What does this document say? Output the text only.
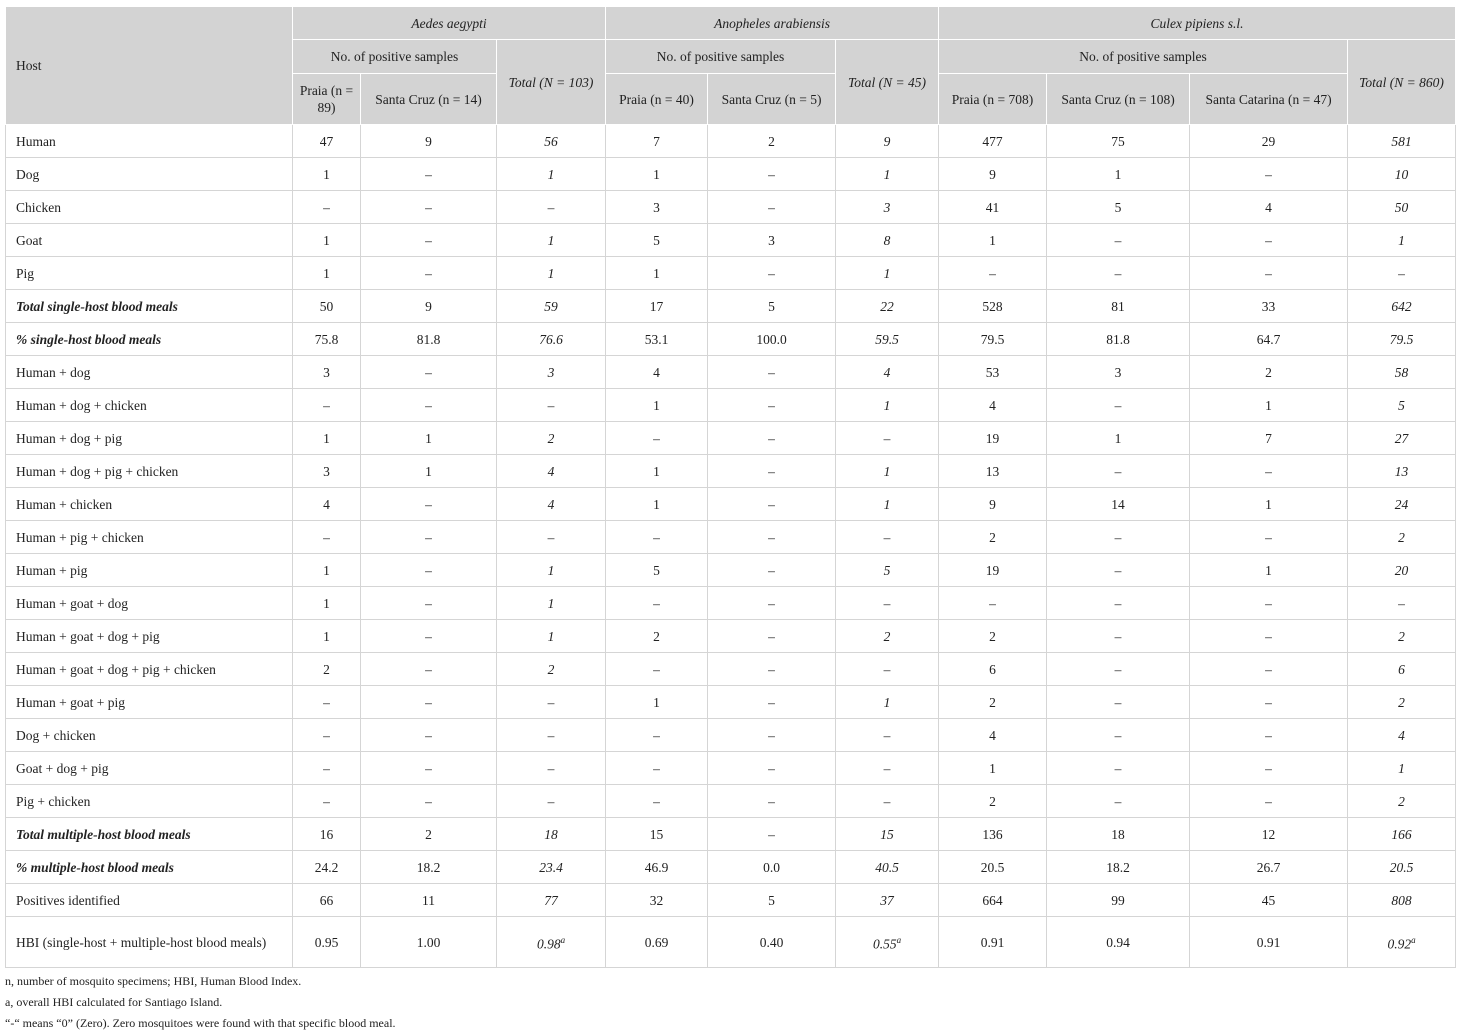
Host	Aedes aegypti			Anopheles arabiensis			Culex pipiens s.l.			
	No. of positive samples		Total (N = 103)	No. of positive samples		Total (N = 45)	No. of positive samples			Total (N = 860)
	Praia (n = 89)	Santa Cruz (n = 14)		Praia (n = 40)	Santa Cruz (n = 5)		Praia (n = 708)	Santa Cruz (n = 108)	Santa Catarina (n = 47)	
Human	47	9	56	7	2	9	477	75	29	581
Dog	1	–	1	1	–	1	9	1	–	10
Chicken	–	–	–	3	–	3	41	5	4	50
Goat	1	–	1	5	3	8	1	–	–	1
Pig	1	–	1	1	–	1	–	–	–	–
Total single-host blood meals	50	9	59	17	5	22	528	81	33	642
% single-host blood meals	75.8	81.8	76.6	53.1	100.0	59.5	79.5	81.8	64.7	79.5
Human + dog	3	–	3	4	–	4	53	3	2	58
Human + dog + chicken	–	–	–	1	–	1	4	–	1	5
Human + dog + pig	1	1	2	–	–	–	19	1	7	27
Human + dog + pig + chicken	3	1	4	1	–	1	13	–	–	13
Human + chicken	4	–	4	1	–	1	9	14	1	24
Human + pig + chicken	–	–	–	–	–	–	2	–	–	2
Human + pig	1	–	1	5	–	5	19	–	1	20
Human + goat + dog	1	–	1	–	–	–	–	–	–	–
Human + goat + dog + pig	1	–	1	2	–	2	2	–	–	2
Human + goat + dog + pig + chicken	2	–	2	–	–	–	6	–	–	6
Human + goat + pig	–	–	–	1	–	1	2	–	–	2
Dog + chicken	–	–	–	–	–	–	4	–	–	4
Goat + dog + pig	–	–	–	–	–	–	1	–	–	1
Pig + chicken	–	–	–	–	–	–	2	–	–	2
Total multiple-host blood meals	16	2	18	15	–	15	136	18	12	166
% multiple-host blood meals	24.2	18.2	23.4	46.9	0.0	40.5	20.5	18.2	26.7	20.5
Positives identified	66	11	77	32	5	37	664	99	45	808
HBI (single-host + multiple-host blood meals)	0.95	1.00	0.98$^a$	0.69	0.40	0.55$^a$	0.91	0.94	0.91	0.92$^a$
n, number of mosquito specimens; HBI, Human Blood Index.
a, overall HBI calculated for Santiago Island.
“-“ means “0” (Zero). Zero mosquitoes were found with that specific blood meal.
